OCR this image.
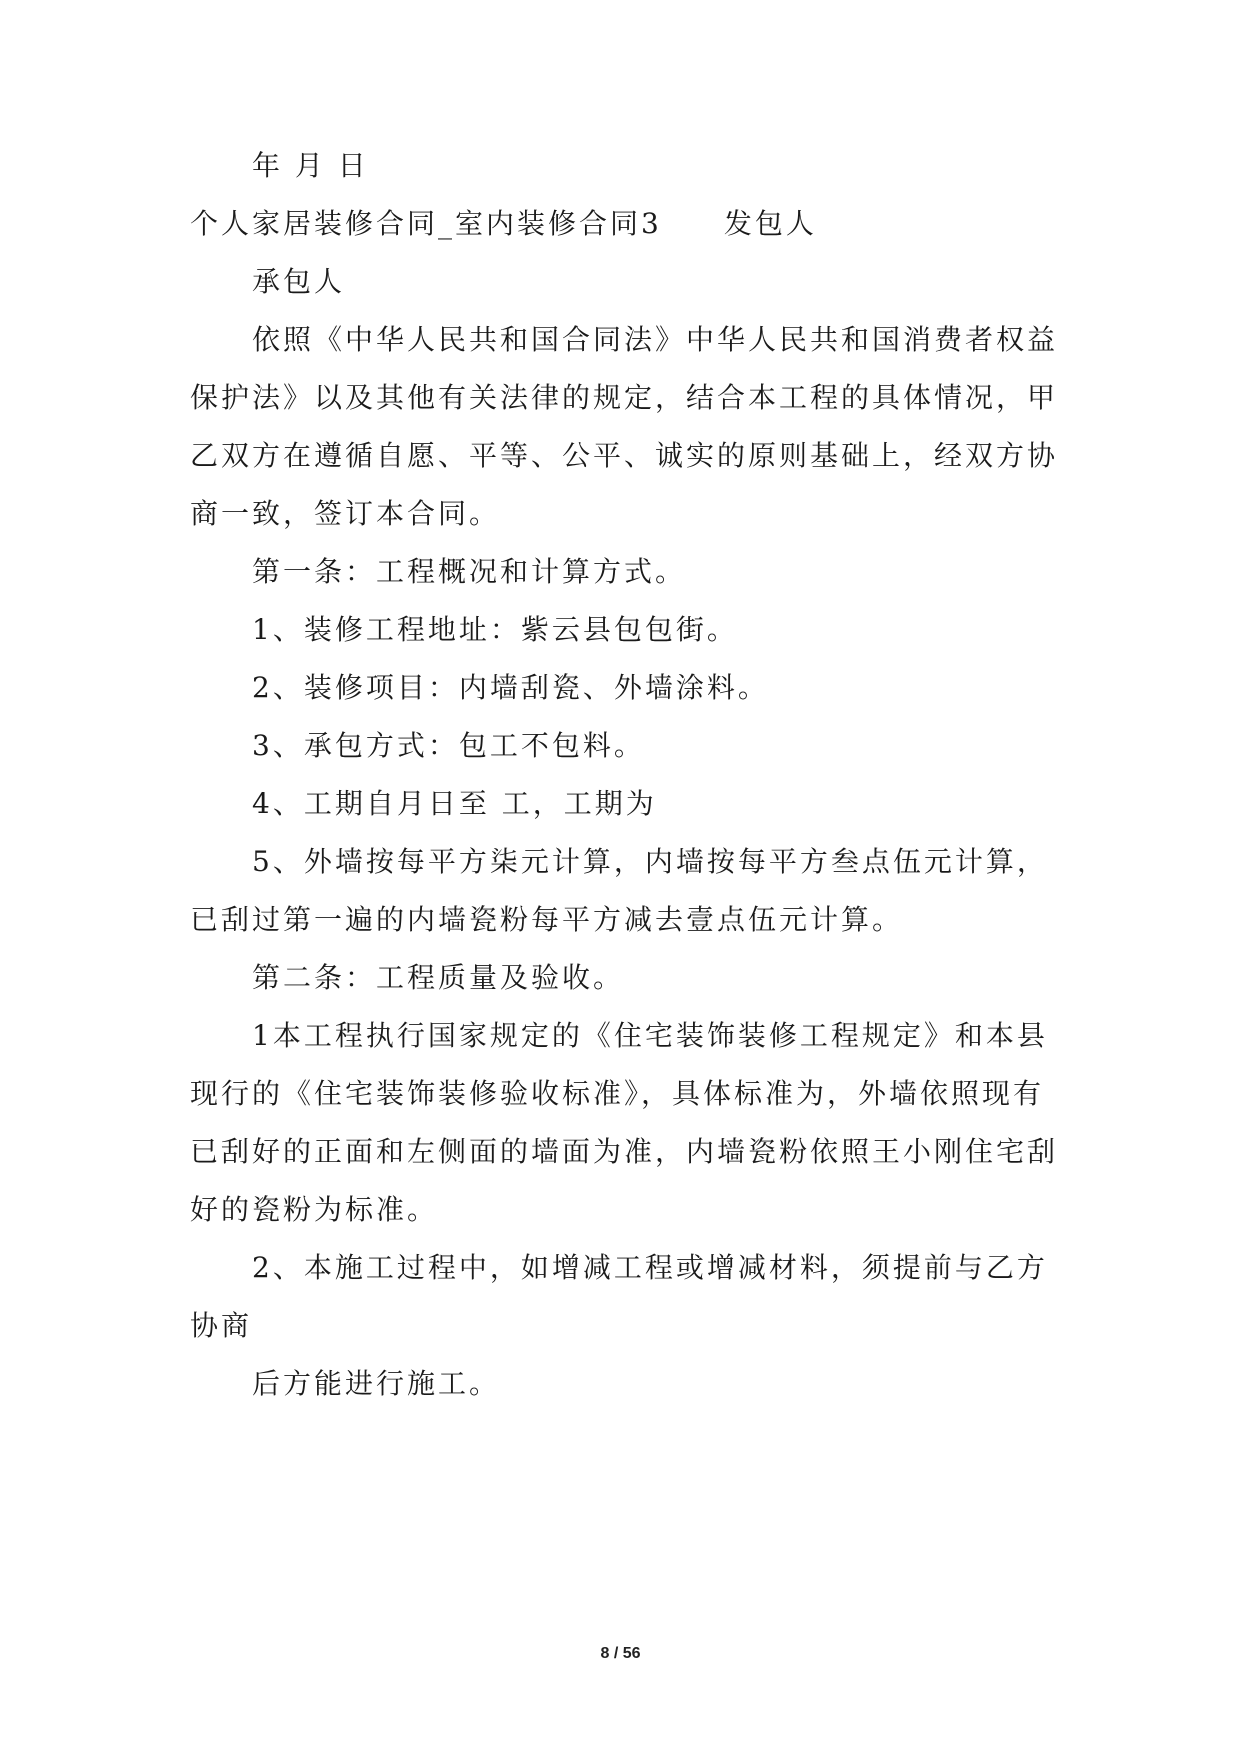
年 月 日
个人家居装修合同_室内装修合同3 发包人
承包人
依照《中华人民共和国合同法》中华人民共和国消费者权益
保护法》以及其他有关法律的规定，结合本工程的具体情况，甲
乙双方在遵循自愿、平等、公平、诚实的原则基础上，经双方协
商一致，签订本合同。
第一条：工程概况和计算方式。
1、装修工程地址：紫云县包包街。
2、装修项目：内墙刮瓷、外墙涂料。
3、承包方式：包工不包料。
4、工期自月日至 工，工期为
5、外墙按每平方柒元计算，内墙按每平方叁点伍元计算，
已刮过第一遍的内墙瓷粉每平方减去壹点伍元计算。
第二条：工程质量及验收。
1本工程执行国家规定的《住宅装饰装修工程规定》和本县
现行的《住宅装饰装修验收标准》，具体标准为，外墙依照现有
已刮好的正面和左侧面的墙面为准，内墙瓷粉依照王小刚住宅刮
好的瓷粉为标准。
2、本施工过程中，如增减工程或增减材料，须提前与乙方
协商
后方能进行施工。
8 / 56
